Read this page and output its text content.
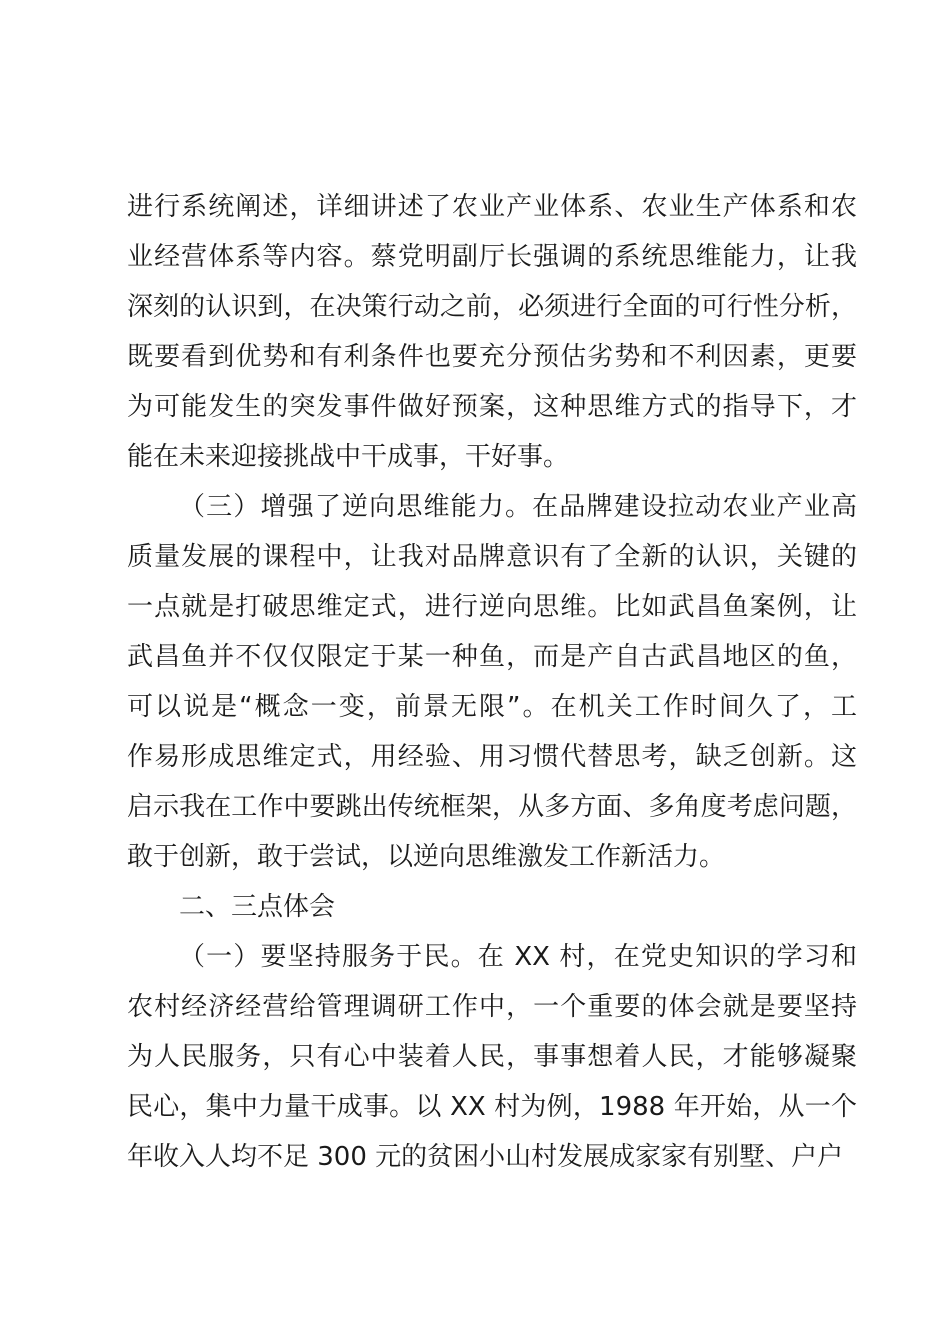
进行系统阐述，详细讲述了农业产业体系、农业生产体系和农
业经营体系等内容。蔡党明副厅长强调的系统思维能力，让我
深刻的认识到，在决策行动之前，必须进行全面的可行性分析，
既要看到优势和有利条件也要充分预估劣势和不利因素，更要
为可能发生的突发事件做好预案，这种思维方式的指导下，才
能在未来迎接挑战中干成事，干好事。
（三）增强了逆向思维能力。在品牌建设拉动农业产业高
质量发展的课程中，让我对品牌意识有了全新的认识，关键的
一点就是打破思维定式，进行逆向思维。比如武昌鱼案例，让
武昌鱼并不仅仅限定于某一种鱼，而是产自古武昌地区的鱼，
可以说是“概念一变，前景无限”。在机关工作时间久了，工
作易形成思维定式，用经验、用习惯代替思考，缺乏创新。这
启示我在工作中要跳出传统框架，从多方面、多角度考虑问题，
敢于创新，敢于尝试，以逆向思维激发工作新活力。
二、三点体会
（一）要坚持服务于民。在 XX 村，在党史知识的学习和
农村经济经营给管理调研工作中，一个重要的体会就是要坚持
为人民服务，只有心中装着人民，事事想着人民，才能够凝聚
民心，集中力量干成事。以 XX 村为例，1988 年开始，从一个
年收入人均不足 300 元的贫困小山村发展成家家有别墅、户户
